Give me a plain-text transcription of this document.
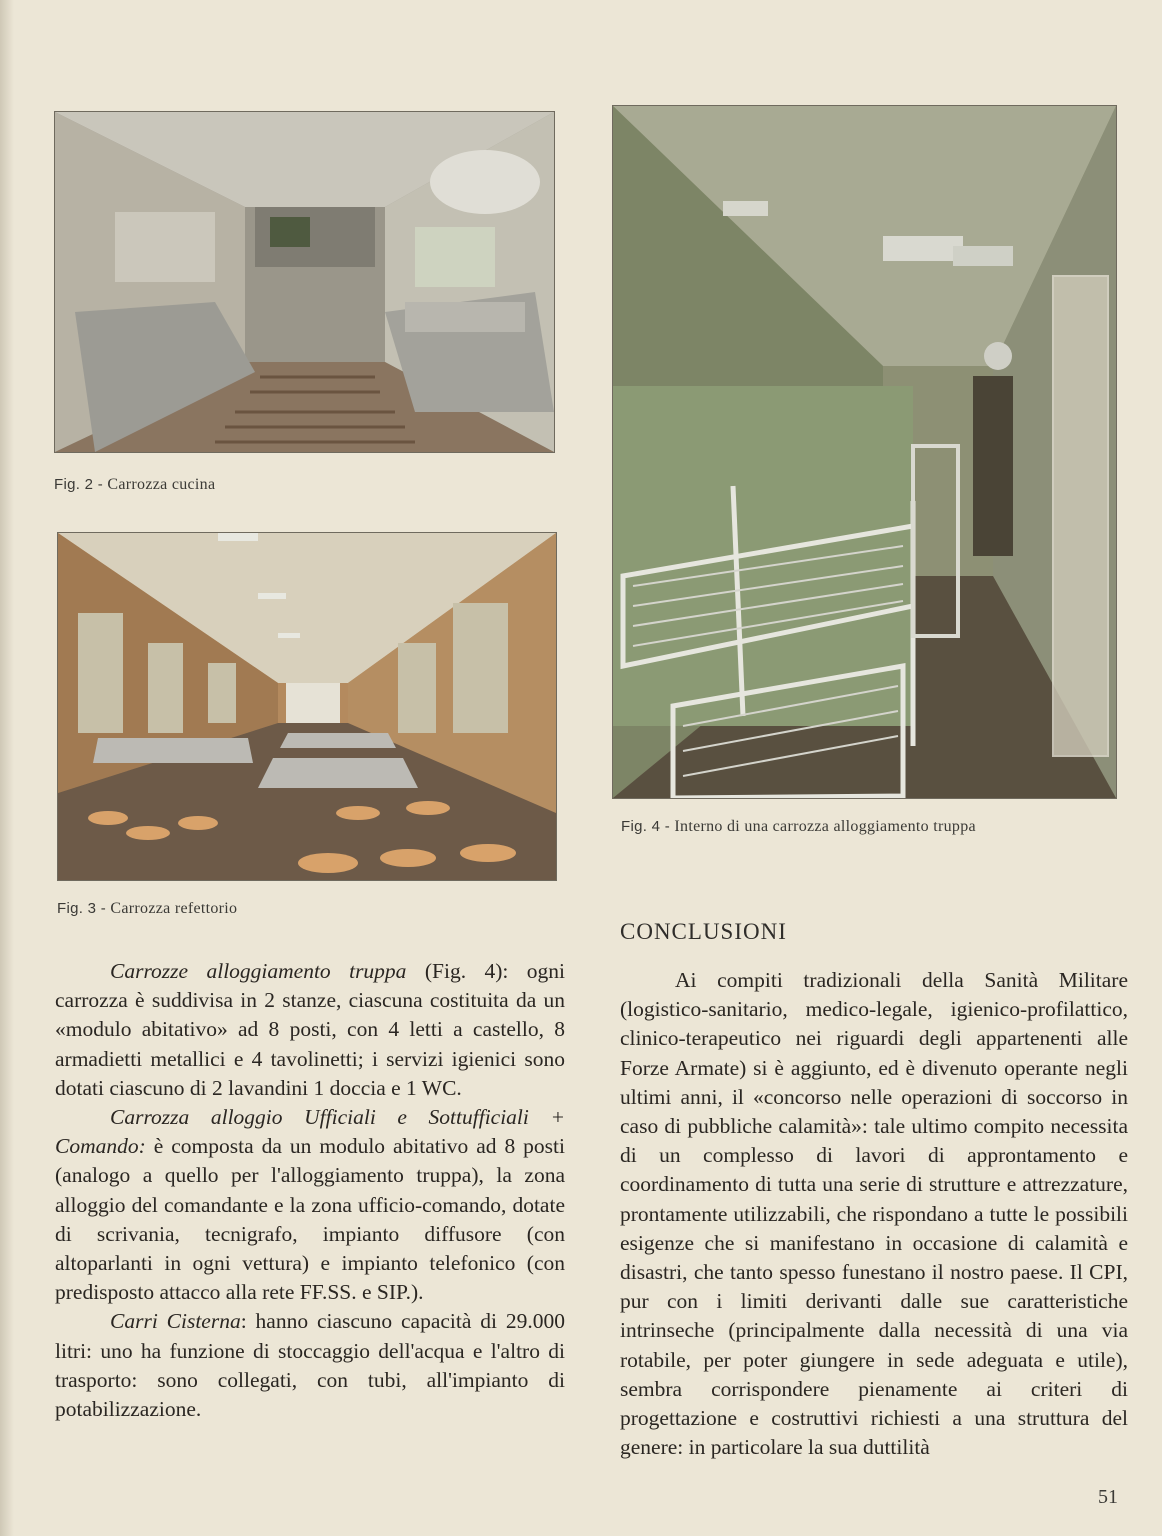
Fig. 2 - Carrozza cucina
Fig. 3 - Carrozza refettorio
Fig. 4 - Interno di una carrozza alloggiamento truppa

Carrozze alloggiamento truppa (Fig. 4): ogni carrozza è suddivisa in 2 stanze, ciascuna costituita da un «modulo abitativo» ad 8 posti, con 4 letti a castello, 8 armadietti metallici e 4 tavolinetti; i servizi igienici sono dotati ciascuno di 2 lavandini 1 doccia e 1 WC.

Carrozza alloggio Ufficiali e Sottufficiali + Comando: è composta da un modulo abitativo ad 8 posti (analogo a quello per l'alloggiamento truppa), la zona alloggio del comandante e la zona ufficio-comando, dotate di scrivania, tecnigrafo, impianto diffusore (con altoparlanti in ogni vettura) e impianto telefonico (con predisposto attacco alla rete FF.SS. e SIP.).

Carri Cisterna: hanno ciascuno capacità di 29.000 litri: uno ha funzione di stoccaggio dell'acqua e l'altro di trasporto: sono collegati, con tubi, all'impianto di potabilizzazione.

CONCLUSIONI

Ai compiti tradizionali della Sanità Militare (logistico-sanitario, medico-legale, igienico-profilattico, clinico-terapeutico nei riguardi degli appartenenti alle Forze Armate) si è aggiunto, ed è divenuto operante negli ultimi anni, il «concorso nelle operazioni di soccorso in caso di pubbliche calamità»: tale ultimo compito necessita di un complesso di lavori di approntamento e coordinamento di tutta una serie di strutture e attrezzature, prontamente utilizzabili, che rispondano a tutte le possibili esigenze che si manifestano in occasione di calamità e disastri, che tanto spesso funestano il nostro paese. Il CPI, pur con i limiti derivanti dalle sue caratteristiche intrinseche (principalmente dalla necessità di una via rotabile, per poter giungere in sede adeguata e utile), sembra corrispondere pienamente ai criteri di progettazione e costruttivi richiesti a una struttura del genere: in particolare la sua duttilità

51
